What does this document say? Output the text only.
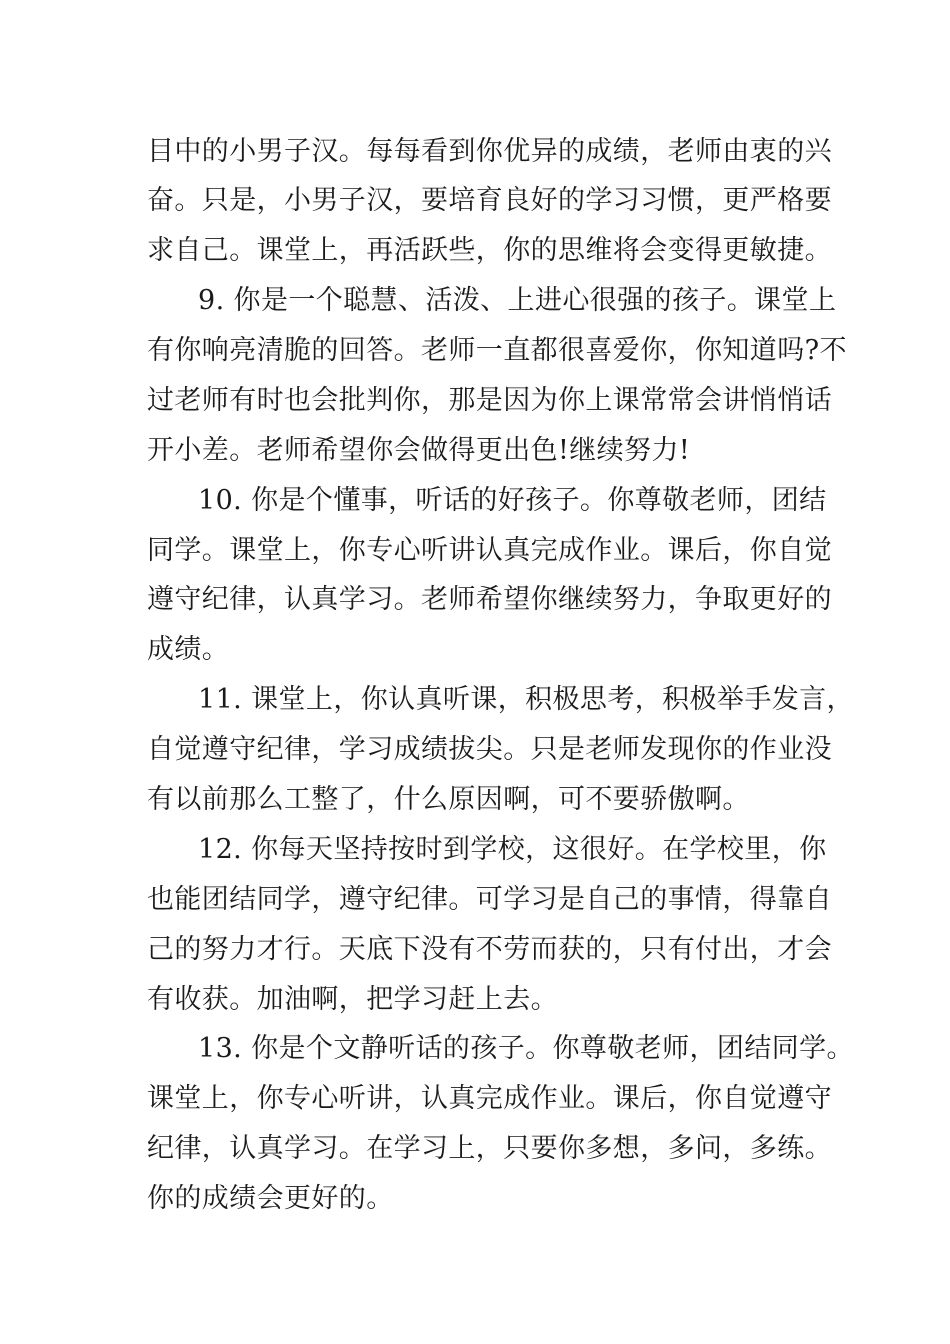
目中的小男子汉。每每看到你优异的成绩，老师由衷的兴
奋。只是，小男子汉，要培育良好的学习习惯，更严格要
求自己。课堂上，再活跃些，你的思维将会变得更敏捷。
9. 你是一个聪慧、活泼、上进心很强的孩子。课堂上
有你响亮清脆的回答。老师一直都很喜爱你，你知道吗?不
过老师有时也会批判你，那是因为你上课常常会讲悄悄话
开小差。老师希望你会做得更出色!继续努力!
10. 你是个懂事，听话的好孩子。你尊敬老师，团结
同学。课堂上，你专心听讲认真完成作业。课后，你自觉
遵守纪律，认真学习。老师希望你继续努力，争取更好的
成绩。
11. 课堂上，你认真听课，积极思考，积极举手发言，
自觉遵守纪律，学习成绩拔尖。只是老师发现你的作业没
有以前那么工整了，什么原因啊，可不要骄傲啊。
12. 你每天坚持按时到学校，这很好。在学校里，你
也能团结同学，遵守纪律。可学习是自己的事情，得靠自
己的努力才行。天底下没有不劳而获的，只有付出，才会
有收获。加油啊，把学习赶上去。
13. 你是个文静听话的孩子。你尊敬老师，团结同学。
课堂上，你专心听讲，认真完成作业。课后，你自觉遵守
纪律，认真学习。在学习上，只要你多想，多问，多练。
你的成绩会更好的。
